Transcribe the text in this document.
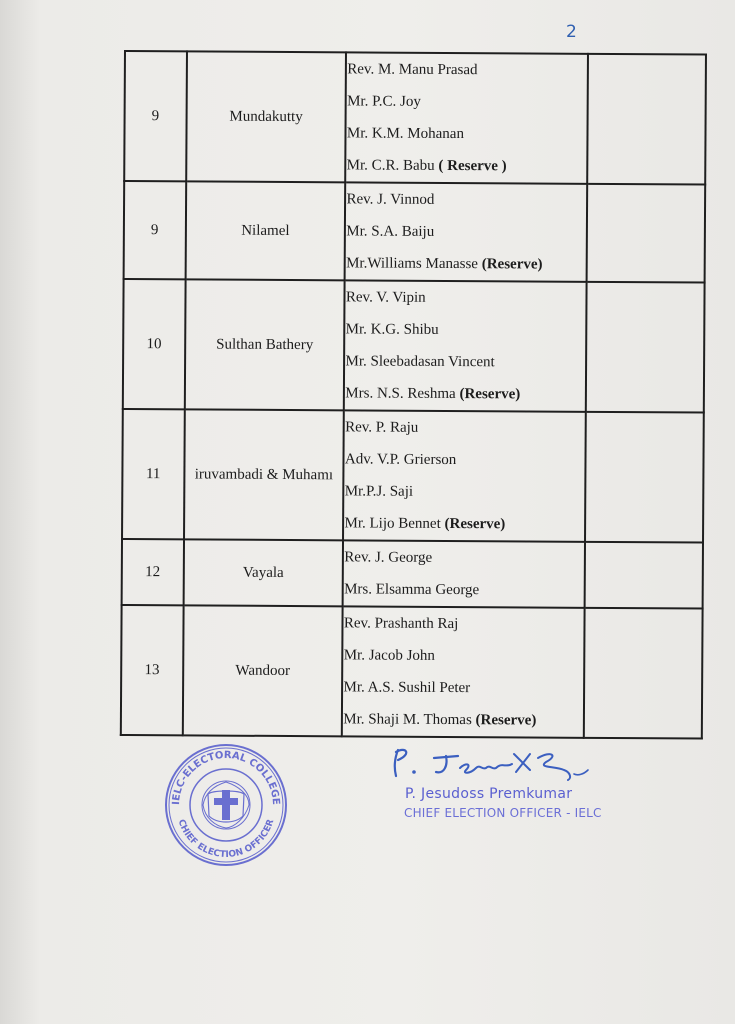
2
9	Mundakutty	Rev. M. Manu Prasad
Mr. P.C. Joy
Mr. K.M. Mohanan
Mr. C.R. Babu ( Reserve )	

9	Nilamel	Rev. J. Vinnod
Mr. S.A. Baiju
Mr.Williams Manasse (Reserve)	

10	Sulthan Bathery	Rev. V. Vipin
Mr. K.G. Shibu
Mr. Sleebadasan Vincent
Mrs. N.S. Reshma (Reserve)	

11	iruvambadi & Muhamı	Rev. P. Raju
Adv. V.P. Grierson
Mr.P.J. Saji
Mr. Lijo Bennet (Reserve)	

12	Vayala	Rev. J. George
Mrs. Elsamma George	

13	Wandoor	Rev. Prashanth Raj
Mr. Jacob John
Mr. A.S. Sushil Peter
Mr. Shaji M. Thomas (Reserve)	

IELC-ELECTORAL COLLEGE
CHIEF ELECTION OFFICER
P. Jesudoss Premkumar
CHIEF ELECTION OFFICER - IELC
